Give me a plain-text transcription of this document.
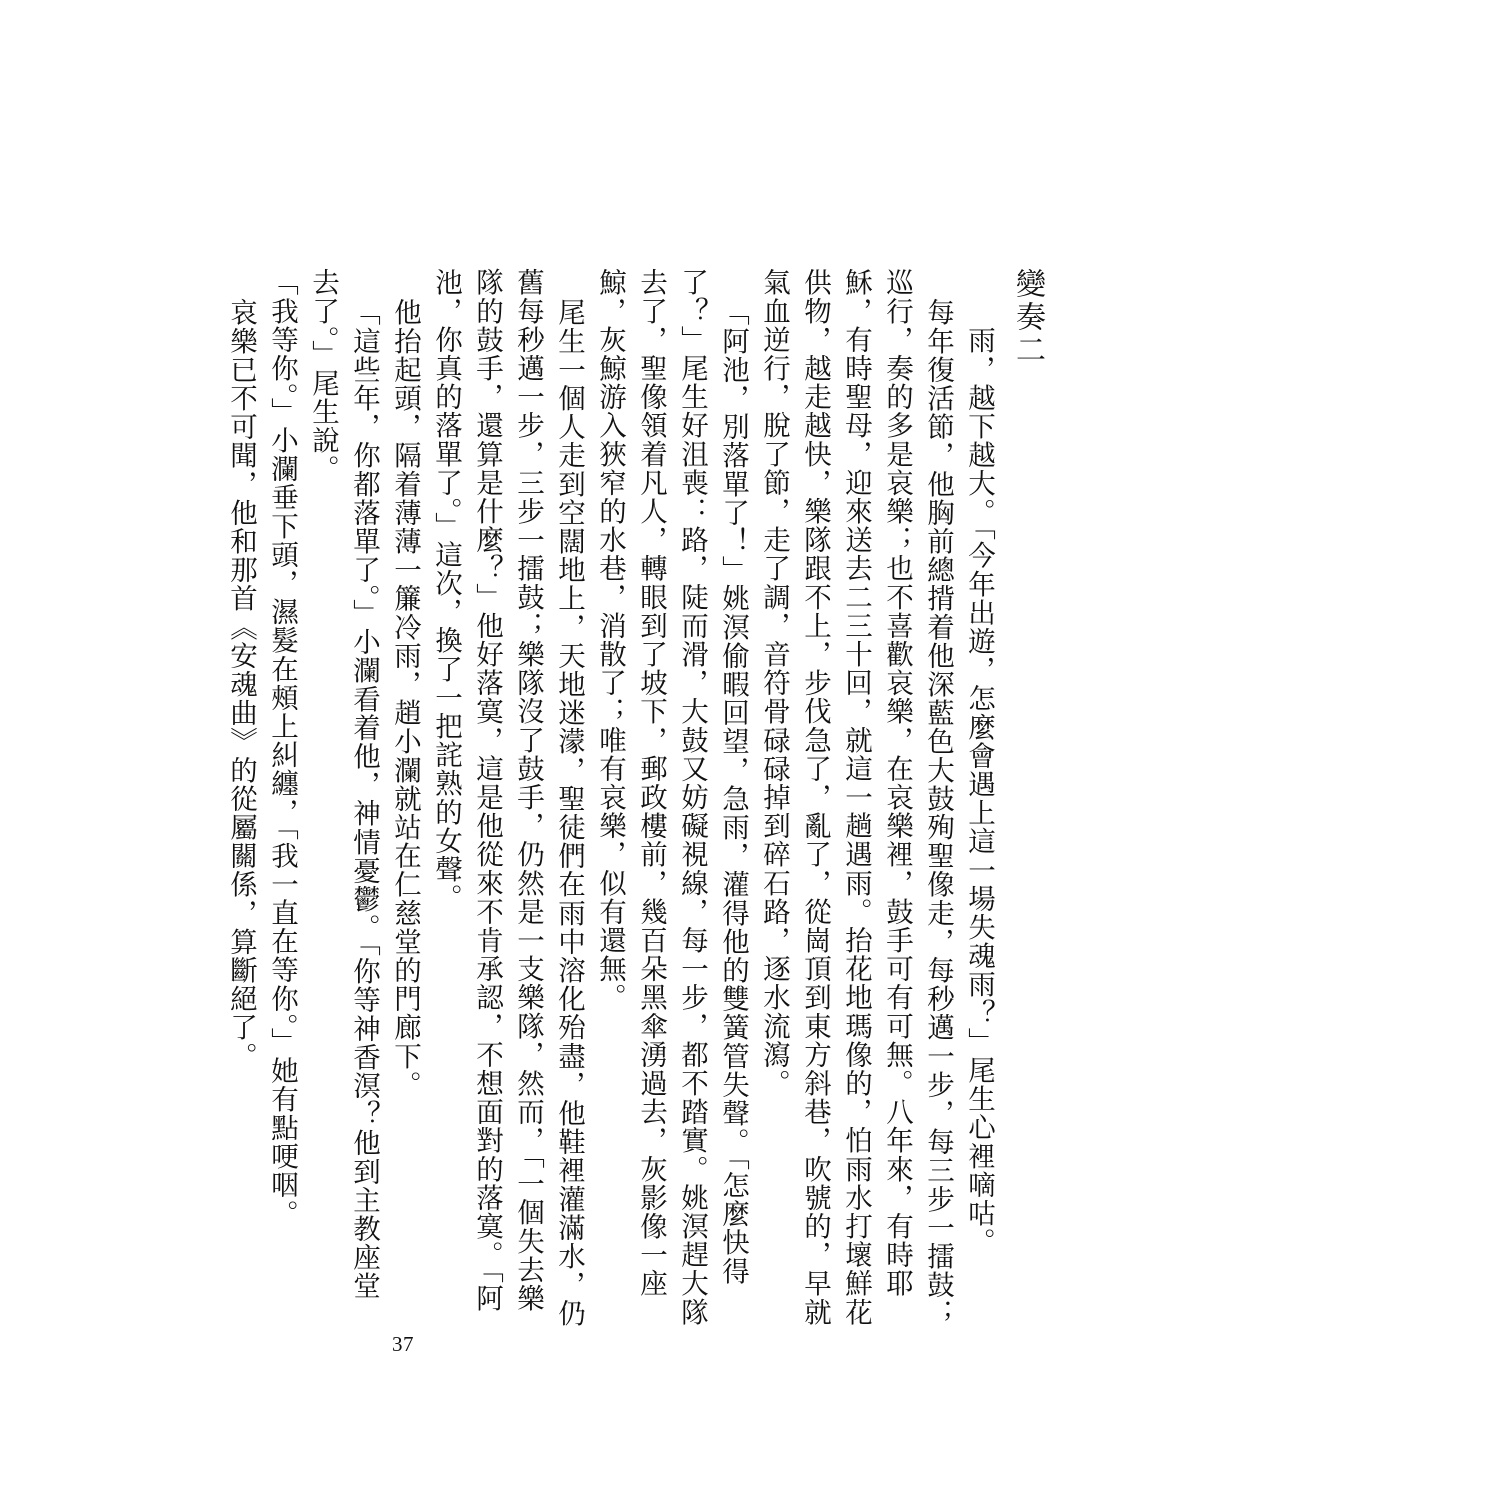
變奏二

雨，越下越大。「今年出遊，怎麼會遇上這一場失魂雨？」尾生心裡嘀咕。

每年復活節，他胸前總揹着他深藍色大鼓殉聖像走，每秒邁一步，每三步一擂鼓；巡行，奏的多是哀樂；也不喜歡哀樂，在哀樂裡，鼓手可有可無。八年來，有時耶穌，有時聖母，迎來送去二三十回，就這一趟遇雨。抬花地瑪像的，怕雨水打壞鮮花供物，越走越快，樂隊跟不上，步伐急了，亂了，從崗頂到東方斜巷，吹號的，早就氣血逆行，脫了節，走了調，音符骨碌碌掉到碎石路，逐水流瀉。

「阿池，別落單了！」姚溟偷暇回望，急雨，灌得他的雙簧管失聲。「怎麼快得了？」尾生好沮喪：路，陡而滑，大鼓又妨礙視線，每一步，都不踏實。姚溟趕大隊去了，聖像領着凡人，轉眼到了坡下，郵政樓前，幾百朵黑傘湧過去，灰影像一座鯨，灰鯨游入狹窄的水巷，消散了；唯有哀樂，似有還無。

尾生一個人走到空闊地上，天地迷濛，聖徒們在雨中溶化殆盡，他鞋裡灌滿水，仍舊每秒邁一步，三步一擂鼓；樂隊沒了鼓手，仍然是一支樂隊，然而，「一個失去樂隊的鼓手，還算是什麼？」他好落寞，這是他從來不肯承認，不想面對的落寞。「阿池，你真的落單了。」這次，換了一把詫熟的女聲。

他抬起頭，隔着薄薄一簾冷雨，趙小瀾就站在仁慈堂的門廊下。

「這些年，你都落單了。」小瀾看着他，神情憂鬱。「你等神香溟？他到主教座堂去了。」尾生說。

「我等你。」小瀾垂下頭，濕髮在頰上糾纏，「我一直在等你。」她有點哽咽。

哀樂已不可聞，他和那首《安魂曲》的從屬關係，算斷絕了。

37
